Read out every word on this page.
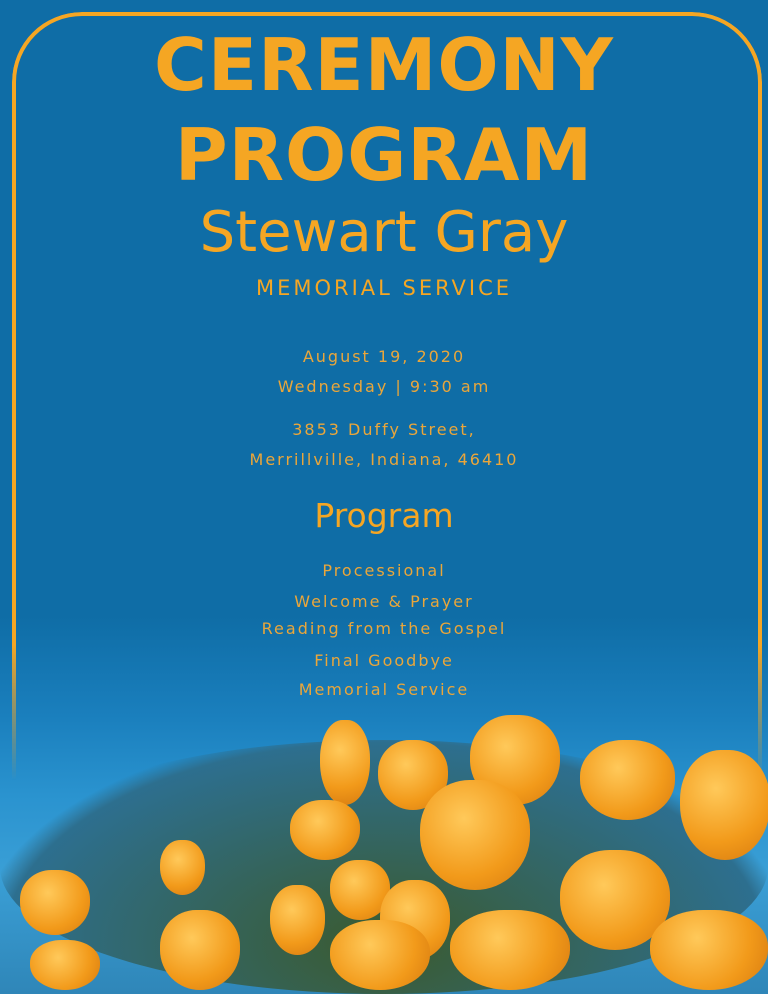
CEREMONY
PROGRAM
Stewart Gray
MEMORIAL SERVICE
August 19, 2020
Wednesday | 9:30 am
3853 Duffy Street,
Merrillville, Indiana, 46410
Program
Processional
Welcome & Prayer
Reading from the Gospel
Final Goodbye
Memorial Service
